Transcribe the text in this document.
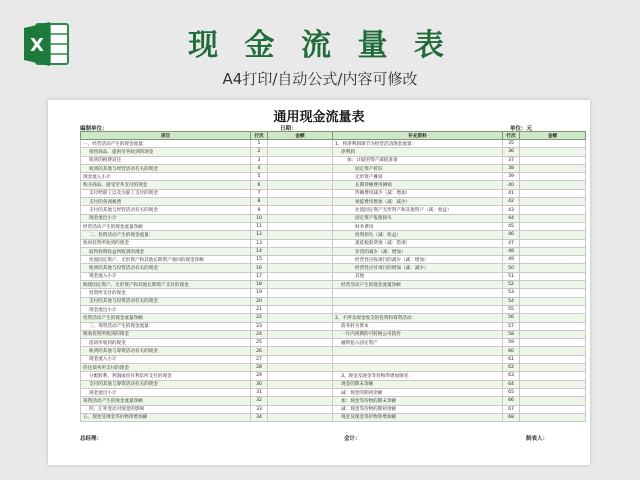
X	现 金 流 量 表
A4打印/自动公式/内容可修改
通用现金流量表
编制单位：	日期：	单位：元
项目	行次	金额	补充资料	行次	金额
一、经营活动产生的现金流量：	1		1、将净利润调节为经营活动现金流量：	35	
销售商品、提供劳务收到的现金	2		净利润	36	
收到的税费返还	3		加：计提的资产减值准备	37	
收到的其他与经营活动有关的现金	4		固定资产折旧	38	
现金流入小计	5		无形资产摊销	39	
购买商品、接受劳务支付的现金	6		长期待摊费用摊销	40	
支付给职工以及为职工支付的现金	7		待摊费用减少（减：增加）	41	
支付的各项税费	8		预提费用增加（减：减少）	42	
支付的其他与经营活动有关的现金	9		处置固定资产无形资产和其他资产（减：收益）	43	
现金流出小计	10		固定资产报废损失	44	
经营活动产生的现金流量净额	11		财务费用	45	
二、投资活动产生的现金流量：	12		投资损失（减：收益）	46	
收回投资所收到的现金	13		递延税款贷项（减：借项）	47	
取得投资收益所收到的现金	14		存货的减少（减：增加）	48	
处置固定资产、无形资产和其他长期资产收回的现金净额	15		经营性应收项目的减少（减：增加）	49	
收到的其他与投资活动有关的现金	16		经营性应付项目的增加（减：减少）	50	
现金流入小计	17		其他	51	
购建固定资产、无形资产和其他长期资产支付的现金	18		经营活动产生的现金流量净额	52	
投资所支付的现金	19			53	
支付的其他与投资活动有关的现金	20			54	
现金流出小计	21			55	
投资活动产生的现金流量净额	22		2、不涉及现金收支的投资和筹资活动：	56	
三、筹资活动产生的现金流量：	23		债务转为资本	57	
吸收投资所收到的现金	24		一年内到期的可转换公司债券	58	
借款所收到的现金	25		融资租入固定资产	59	
收到的其他与筹资活动有关的现金	26			60	
现金流入小计	27			61	
偿还债务所支付的现金	28			62	
分配股利、利润或偿付利息所支付的现金	29		3、现金及现金等价物净增加情况：	63	
支付的其他与筹资活动有关的现金	30		现金的期末余额	64	
现金流出小计	31		减：现金的期初余额	65	
筹资活动产生的现金流量净额	32		加：现金等价物的期末余额	66	
四、汇率变动对现金的影响	33		减：现金等价物的期初余额	67	
五、现金及现金等价物净增加额	34		现金及现金等价物净增加额	68	
总经理：	会计：	制表人：
